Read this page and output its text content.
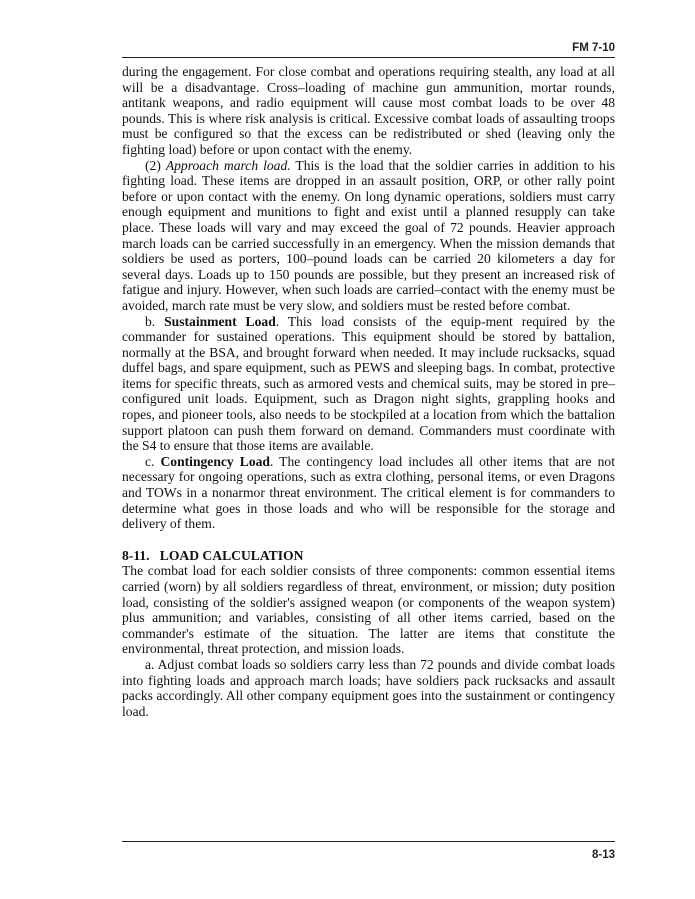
FM 7-10

during the engagement. For close combat and operations requiring stealth, any load at all will be a disadvantage. Cross–loading of machine gun ammunition, mortar rounds, antitank weapons, and radio equipment will cause most combat loads to be over 48 pounds. This is where risk analysis is critical. Excessive combat loads of assaulting troops must be configured so that the excess can be redistributed or shed (leaving only the fighting load) before or upon contact with the enemy.

(2) Approach march load. This is the load that the soldier carries in addition to his fighting load. These items are dropped in an assault position, ORP, or other rally point before or upon contact with the enemy. On long dynamic operations, soldiers must carry enough equipment and munitions to fight and exist until a planned resupply can take place. These loads will vary and may exceed the goal of 72 pounds. Heavier approach march loads can be carried successfully in an emergency. When the mission demands that soldiers be used as porters, 100–pound loads can be carried 20 kilometers a day for several days. Loads up to 150 pounds are possible, but they present an increased risk of fatigue and injury. However, when such loads are carried–contact with the enemy must be avoided, march rate must be very slow, and soldiers must be rested before combat.

b. Sustainment Load. This load consists of the equip-ment required by the commander for sustained operations. This equipment should be stored by battalion, normally at the BSA, and brought forward when needed. It may include rucksacks, squad duffel bags, and spare equipment, such as PEWS and sleeping bags. In combat, protective items for specific threats, such as armored vests and chemical suits, may be stored in pre–configured unit loads. Equipment, such as Dragon night sights, grappling hooks and ropes, and pioneer tools, also needs to be stockpiled at a location from which the battalion support platoon can push them forward on demand. Commanders must coordinate with the S4 to ensure that those items are available.

c. Contingency Load. The contingency load includes all other items that are not necessary for ongoing operations, such as extra clothing, personal items, or even Dragons and TOWs in a nonarmor threat environment. The critical element is for commanders to determine what goes in those loads and who will be responsible for the storage and delivery of them.

8-11.   LOAD CALCULATION

The combat load for each soldier consists of three components: common essential items carried (worn) by all soldiers regardless of threat, environment, or mission; duty position load, consisting of the soldier's assigned weapon (or components of the weapon system) plus ammunition; and variables, consisting of all other items carried, based on the commander's estimate of the situation. The latter are items that constitute the environmental, threat protection, and mission loads.

a. Adjust combat loads so soldiers carry less than 72 pounds and divide combat loads into fighting loads and approach march loads; have soldiers pack rucksacks and assault packs accordingly. All other company equipment goes into the sustainment or contingency load.

8-13
